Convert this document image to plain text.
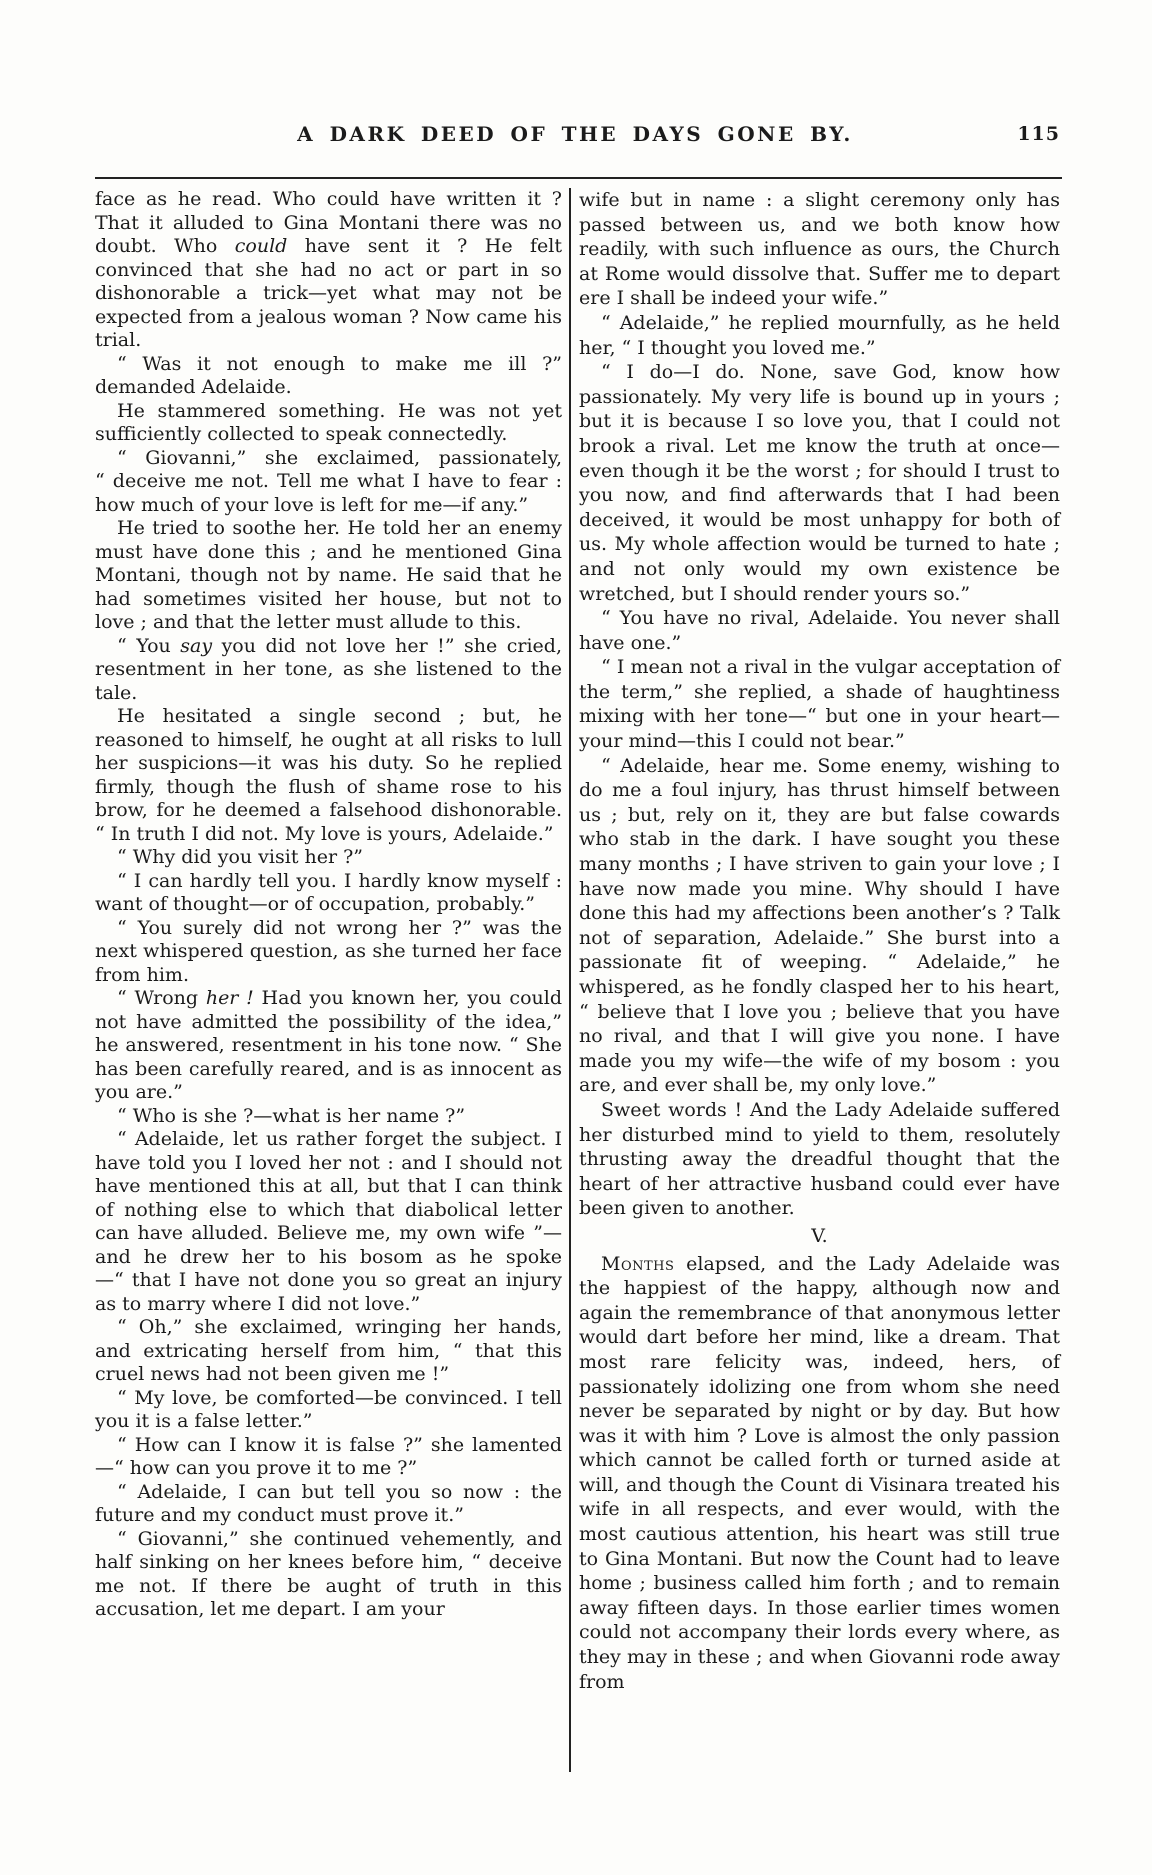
A DARK DEED OF THE DAYS GONE BY.	115

face as he read. Who could have written it ? That it alluded to Gina Montani there was no doubt. Who could have sent it ? He felt convinced that she had no act or part in so dishonorable a trick—yet what may not be expected from a jealous woman ? Now came his trial.

“ Was it not enough to make me ill ?” demanded Adelaide.

He stammered something. He was not yet sufficiently collected to speak connectedly.

“ Giovanni,” she exclaimed, passionately, “ deceive me not. Tell me what I have to fear : how much of your love is left for me—if any.”

He tried to soothe her. He told her an enemy must have done this ; and he mentioned Gina Montani, though not by name. He said that he had sometimes visited her house, but not to love ; and that the letter must allude to this.

“ You say you did not love her !” she cried, resentment in her tone, as she listened to the tale.

He hesitated a single second ; but, he reasoned to himself, he ought at all risks to lull her suspicions—it was his duty. So he replied firmly, though the flush of shame rose to his brow, for he deemed a falsehood dishonorable. “ In truth I did not. My love is yours, Adelaide.”

“ Why did you visit her ?”

“ I can hardly tell you. I hardly know myself : want of thought—or of occupation, probably.”

“ You surely did not wrong her ?” was the next whispered question, as she turned her face from him.

“ Wrong her ! Had you known her, you could not have admitted the possibility of the idea,” he answered, resentment in his tone now. “ She has been carefully reared, and is as innocent as you are.”

“ Who is she ?—what is her name ?”

“ Adelaide, let us rather forget the subject. I have told you I loved her not : and I should not have mentioned this at all, but that I can think of nothing else to which that diabolical letter can have alluded. Believe me, my own wife ”—and he drew her to his bosom as he spoke—“ that I have not done you so great an injury as to marry where I did not love.”

“ Oh,” she exclaimed, wringing her hands, and extricating herself from him, “ that this cruel news had not been given me !”

“ My love, be comforted—be convinced. I tell you it is a false letter.”

“ How can I know it is false ?” she lamented—“ how can you prove it to me ?”

“ Adelaide, I can but tell you so now : the future and my conduct must prove it.”

“ Giovanni,” she continued vehemently, and half sinking on her knees before him, “ deceive me not. If there be aught of truth in this accusation, let me depart. I am your

wife but in name : a slight ceremony only has passed between us, and we both know how readily, with such influence as ours, the Church at Rome would dissolve that. Suffer me to depart ere I shall be indeed your wife.”

“ Adelaide,” he replied mournfully, as he held her, “ I thought you loved me.”

“ I do—I do. None, save God, know how passionately. My very life is bound up in yours ; but it is because I so love you, that I could not brook a rival. Let me know the truth at once—even though it be the worst ; for should I trust to you now, and find afterwards that I had been deceived, it would be most unhappy for both of us. My whole affection would be turned to hate ; and not only would my own existence be wretched, but I should render yours so.”

“ You have no rival, Adelaide. You never shall have one.”

“ I mean not a rival in the vulgar acceptation of the term,” she replied, a shade of haughtiness mixing with her tone—“ but one in your heart—your mind—this I could not bear.”

“ Adelaide, hear me. Some enemy, wishing to do me a foul injury, has thrust himself between us ; but, rely on it, they are but false cowards who stab in the dark. I have sought you these many months ; I have striven to gain your love ; I have now made you mine. Why should I have done this had my affections been another’s ? Talk not of separation, Adelaide.” She burst into a passionate fit of weeping. “ Adelaide,” he whispered, as he fondly clasped her to his heart, “ believe that I love you ; believe that you have no rival, and that I will give you none. I have made you my wife—the wife of my bosom : you are, and ever shall be, my only love.”

Sweet words ! And the Lady Adelaide suffered her disturbed mind to yield to them, resolutely thrusting away the dreadful thought that the heart of her attractive husband could ever have been given to another.

V.

Months elapsed, and the Lady Adelaide was the happiest of the happy, although now and again the remembrance of that anonymous letter would dart before her mind, like a dream. That most rare felicity was, indeed, hers, of passionately idolizing one from whom she need never be separated by night or by day. But how was it with him ? Love is almost the only passion which cannot be called forth or turned aside at will, and though the Count di Visinara treated his wife in all respects, and ever would, with the most cautious attention, his heart was still true to Gina Montani. But now the Count had to leave home ; business called him forth ; and to remain away fifteen days. In those earlier times women could not accompany their lords every where, as they may in these ; and when Giovanni rode away from
